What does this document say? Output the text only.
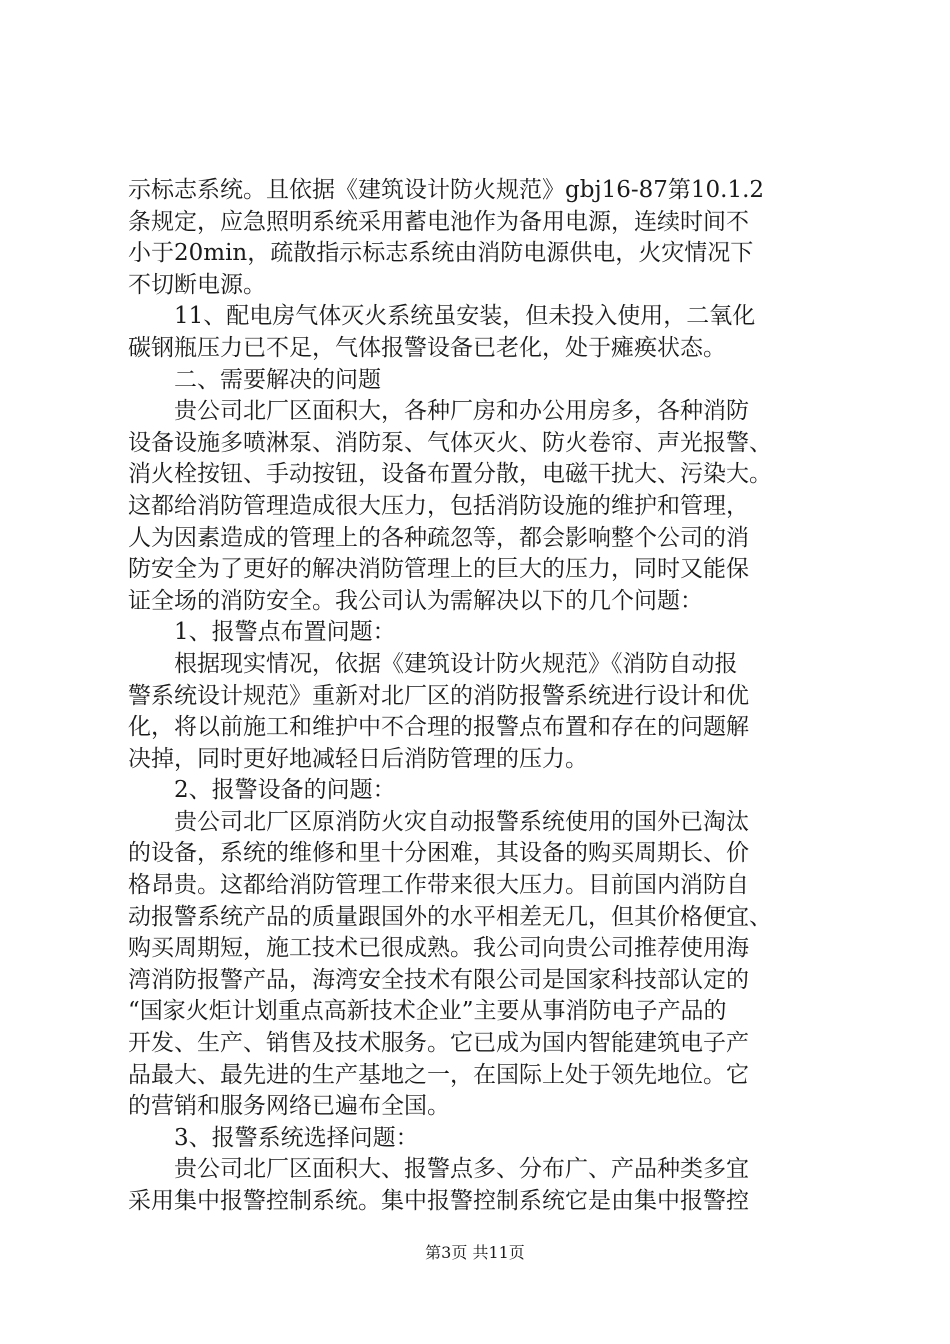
示标志系统。且依据《建筑设计防火规范》gbj16-87第10.1.2
条规定，应急照明系统采用蓄电池作为备用电源，连续时间不
小于20min，疏散指示标志系统由消防电源供电，火灾情况下
不切断电源。
11、配电房气体灭火系统虽安装，但未投入使用，二氧化
碳钢瓶压力已不足，气体报警设备已老化，处于瘫痪状态。
二、需要解决的问题
贵公司北厂区面积大，各种厂房和办公用房多，各种消防
设备设施多喷淋泵、消防泵、气体灭火、防火卷帘、声光报警、
消火栓按钮、手动按钮，设备布置分散，电磁干扰大、污染大。
这都给消防管理造成很大压力，包括消防设施的维护和管理，
人为因素造成的管理上的各种疏忽等，都会影响整个公司的消
防安全为了更好的解决消防管理上的巨大的压力，同时又能保
证全场的消防安全。我公司认为需解决以下的几个问题：
1、报警点布置问题：
根据现实情况，依据《建筑设计防火规范》《消防自动报
警系统设计规范》重新对北厂区的消防报警系统进行设计和优
化，将以前施工和维护中不合理的报警点布置和存在的问题解
决掉，同时更好地减轻日后消防管理的压力。
2、报警设备的问题：
贵公司北厂区原消防火灾自动报警系统使用的国外已淘汰
的设备，系统的维修和里十分困难，其设备的购买周期长、价
格昂贵。这都给消防管理工作带来很大压力。目前国内消防自
动报警系统产品的质量跟国外的水平相差无几，但其价格便宜、
购买周期短，施工技术已很成熟。我公司向贵公司推荐使用海
湾消防报警产品，海湾安全技术有限公司是国家科技部认定的
“国家火炬计划重点高新技术企业”主要从事消防电子产品的
开发、生产、销售及技术服务。它已成为国内智能建筑电子产
品最大、最先进的生产基地之一，在国际上处于领先地位。它
的营销和服务网络已遍布全国。
3、报警系统选择问题：
贵公司北厂区面积大、报警点多、分布广、产品种类多宜
采用集中报警控制系统。集中报警控制系统它是由集中报警控
第3页 共11页
